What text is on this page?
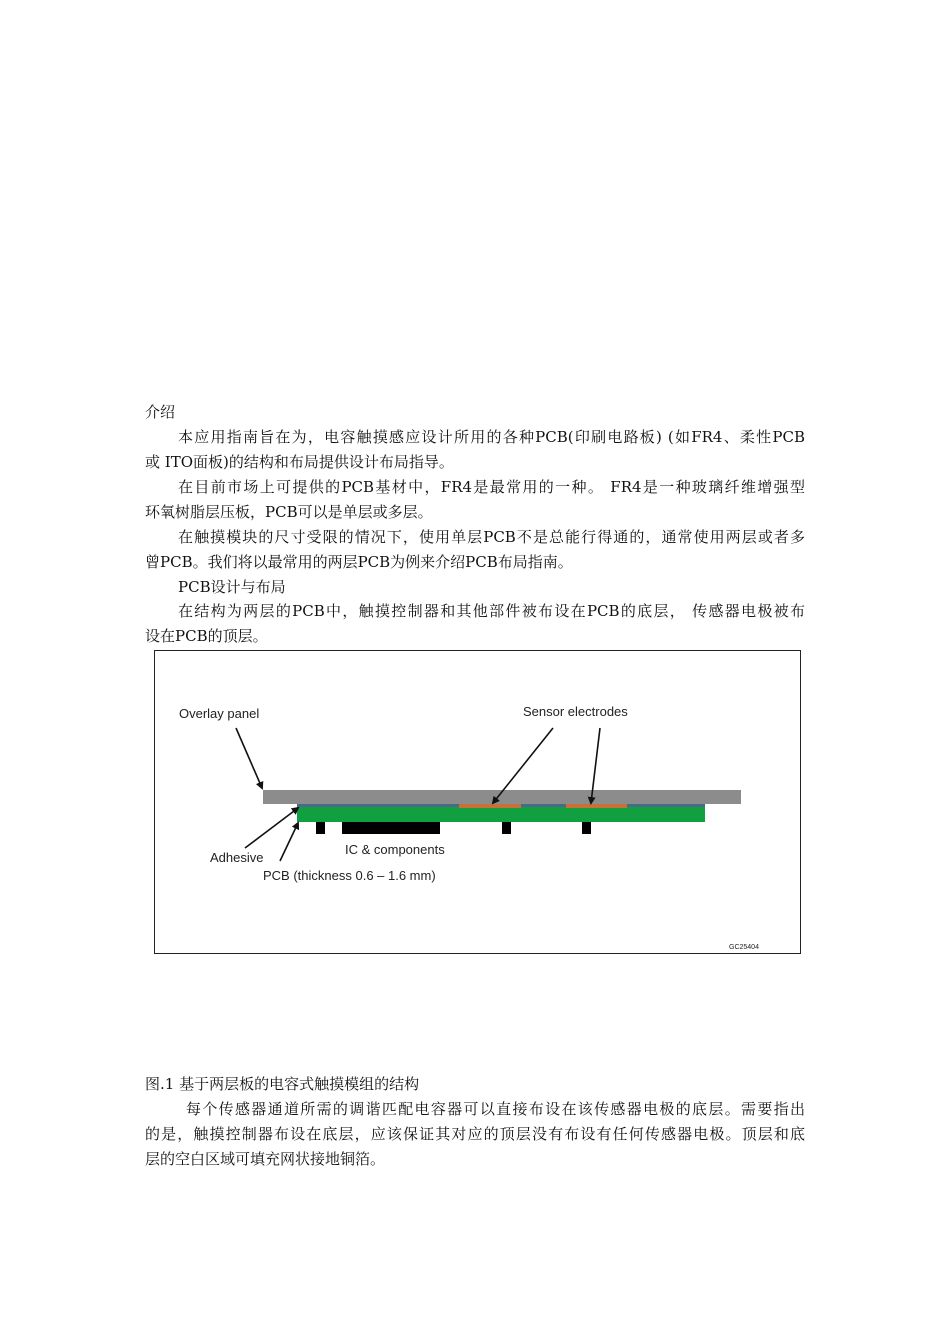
介绍
本应用指南旨在为，电容触摸感应设计所用的各种PCB(印刷电路板) (如FR4、柔性PCB
或 ITO面板)的结构和布局提供设计布局指导。
在目前市场上可提供的PCB基材中，FR4是最常用的一种。 FR4是一种玻璃纤维增强型
环氧树脂层压板，PCB可以是单层或多层。
在触摸模块的尺寸受限的情况下，使用单层PCB不是总能行得通的，通常使用两层或者多
曾PCB。我们将以最常用的两层PCB为例来介绍PCB布局指南。
PCB设计与布局
在结构为两层的PCB中，触摸控制器和其他部件被布设在PCB的底层， 传感器电极被布
设在PCB的顶层。
Overlay panel	Sensor electrodes
Adhesive
IC & components
PCB (thickness 0.6 – 1.6 mm)
GC25404
图.1 基于两层板的电容式触摸模组的结构
每个传感器通道所需的调谐匹配电容器可以直接布设在该传感器电极的底层。需要指出
的是，触摸控制器布设在底层，应该保证其对应的顶层没有布设有任何传感器电极。顶层和底
层的空白区域可填充网状接地铜箔。
